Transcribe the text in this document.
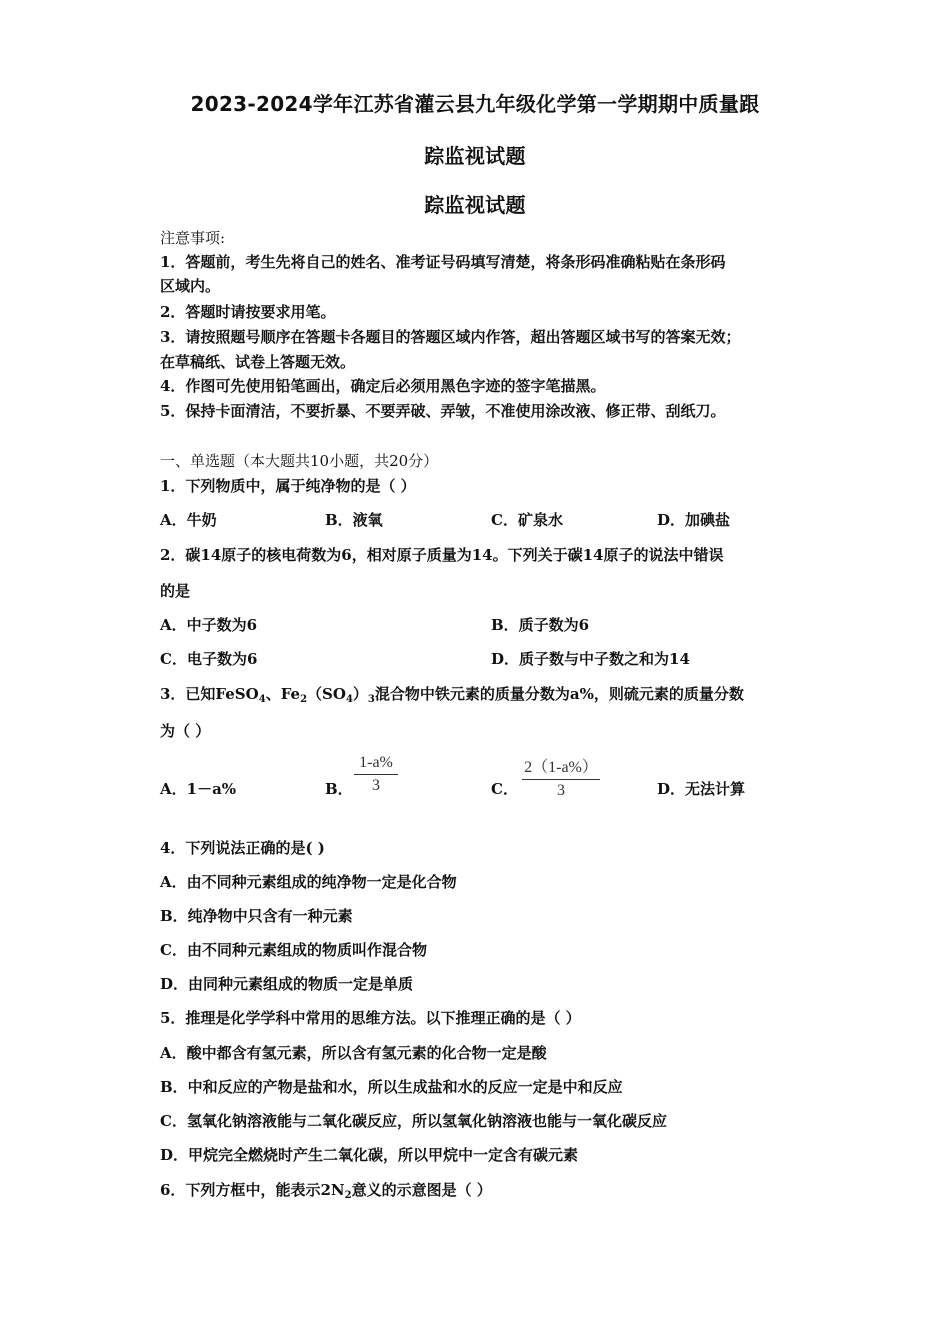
2023-2024学年江苏省灌云县九年级化学第一学期期中质量跟
踪监视试题
踪监视试题
注意事项:
1．答题前，考生先将自己的姓名、准考证号码填写清楚，将条形码准确粘贴在条形码
区域内。
2．答题时请按要求用笔。
3．请按照题号顺序在答题卡各题目的答题区域内作答，超出答题区域书写的答案无效；
在草稿纸、试卷上答题无效。
4．作图可先使用铅笔画出，确定后必须用黑色字迹的签字笔描黑。
5．保持卡面清洁，不要折暴、不要弄破、弄皱，不准使用涂改液、修正带、刮纸刀。
一、单选题（本大题共10小题，共20分）
1．下列物质中，属于纯净物的是（ ）
A．牛奶	B．液氧	C．矿泉水	D．加碘盐
2．碳14原子的核电荷数为6，相对原子质量为14。下列关于碳14原子的说法中错误
的是
A．中子数为6	B．质子数为6
C．电子数为6	D．质子数与中子数之和为14
3．已知FeSO$_4$、$Fe_2(SO_4)_3$混合物中铁元素的质量分数为a%，则硫元素的质量分数
为（ ）
A．1－a%	B． $\frac{1-a\%}{3}$	C． $\frac{2(1-a\%)}{3}$	D．无法计算
4．下列说法正确的是( )
A．由不同种元素组成的纯净物一定是化合物
B．纯净物中只含有一种元素
C．由不同种元素组成的物质叫作混合物
D．由同种元素组成的物质一定是单质
5．推理是化学学科中常用的思维方法。以下推理正确的是（ ）
A．酸中都含有氢元素，所以含有氢元素的化合物一定是酸
B．中和反应的产物是盐和水，所以生成盐和水的反应一定是中和反应
C．氢氧化钠溶液能与二氧化碳反应，所以氢氧化钠溶液也能与一氧化碳反应
D．甲烷完全燃烧时产生二氧化碳，所以甲烷中一定含有碳元素
6．下列方框中，能表示$2N_2$意义的示意图是（ ）
